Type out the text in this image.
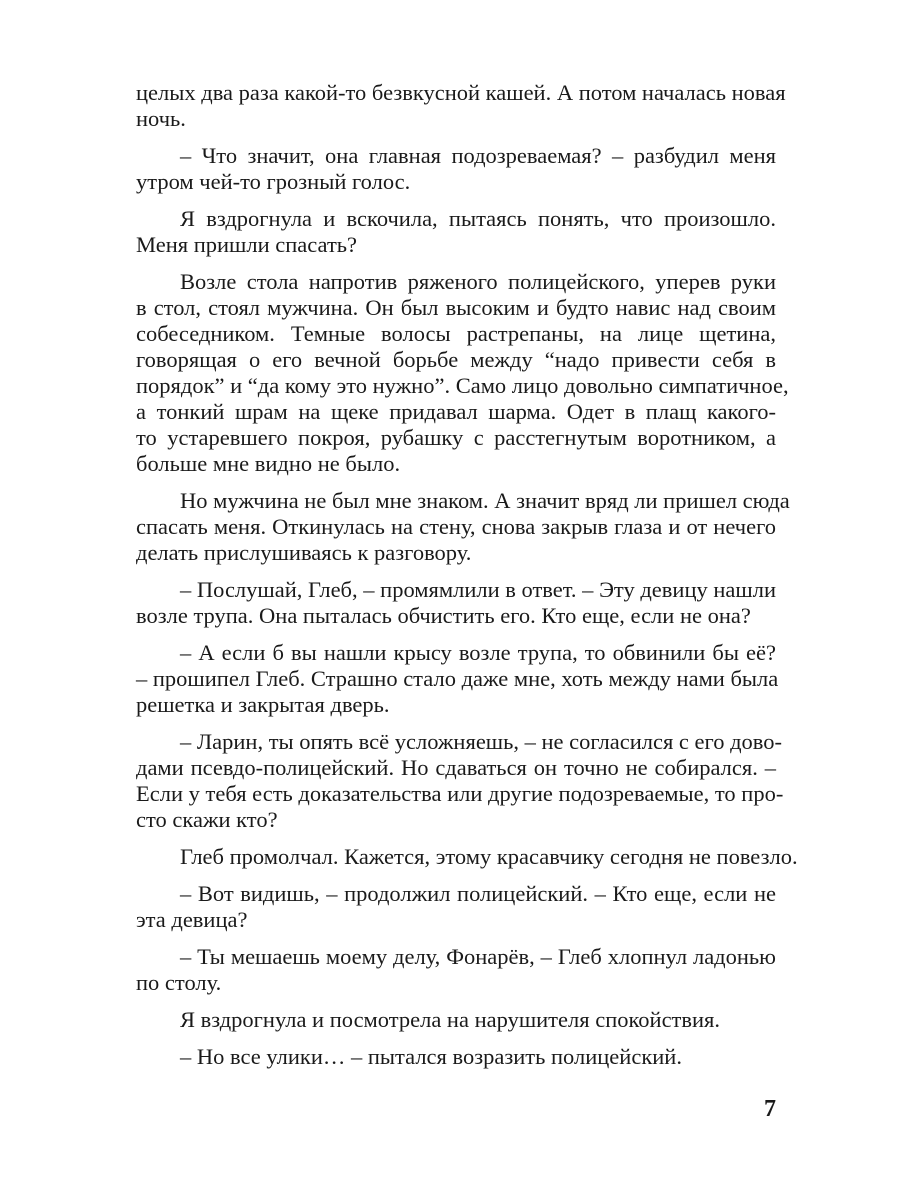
целых два раза какой-то безвкусной кашей. А потом началась новая
ночь.
– Что значит, она главная подозреваемая? – разбудил меня
утром чей-то грозный голос.
Я вздрогнула и вскочила, пытаясь понять, что произошло.
Меня пришли спасать?
Возле стола напротив ряженого полицейского, уперев руки
в стол, стоял мужчина. Он был высоким и будто навис над своим
собеседником. Темные волосы растрепаны, на лице щетина,
говорящая о его вечной борьбе между “надо привести себя в
порядок” и “да кому это нужно”. Само лицо довольно симпатичное,
а тонкий шрам на щеке придавал шарма. Одет в плащ какого-
то устаревшего покроя, рубашку с расстегнутым воротником, а
больше мне видно не было.
Но мужчина не был мне знаком. А значит вряд ли пришел сюда
спасать меня. Откинулась на стену, снова закрыв глаза и от нечего
делать прислушиваясь к разговору.
– Послушай, Глеб, – промямлили в ответ. – Эту девицу нашли
возле трупа. Она пыталась обчистить его. Кто еще, если не она?
– А если б вы нашли крысу возле трупа, то обвинили бы её?
– прошипел Глеб. Страшно стало даже мне, хоть между нами была
решетка и закрытая дверь.
– Ларин, ты опять всё усложняешь, – не согласился с его дово-
дами псевдо-полицейский. Но сдаваться он точно не собирался. –
Если у тебя есть доказательства или другие подозреваемые, то про-
сто скажи кто?
Глеб промолчал. Кажется, этому красавчику сегодня не повезло.
– Вот видишь, – продолжил полицейский. – Кто еще, если не
эта девица?
– Ты мешаешь моему делу, Фонарёв, – Глеб хлопнул ладонью
по столу.
Я вздрогнула и посмотрела на нарушителя спокойствия.
– Но все улики… – пытался возразить полицейский.
7
